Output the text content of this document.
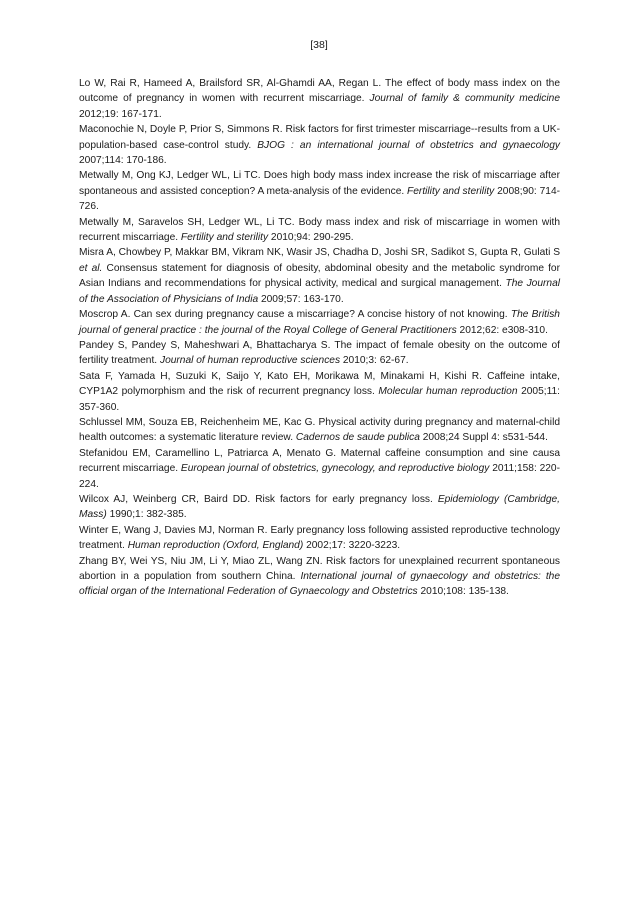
[38]

Lo W, Rai R, Hameed A, Brailsford SR, Al-Ghamdi AA, Regan L. The effect of body mass index on the outcome of pregnancy in women with recurrent miscarriage. Journal of family & community medicine 2012;19: 167-171.

Maconochie N, Doyle P, Prior S, Simmons R. Risk factors for first trimester miscarriage--results from a UK-population-based case-control study. BJOG : an international journal of obstetrics and gynaecology 2007;114: 170-186.

Metwally M, Ong KJ, Ledger WL, Li TC. Does high body mass index increase the risk of miscarriage after spontaneous and assisted conception? A meta-analysis of the evidence. Fertility and sterility 2008;90: 714-726.

Metwally M, Saravelos SH, Ledger WL, Li TC. Body mass index and risk of miscarriage in women with recurrent miscarriage. Fertility and sterility 2010;94: 290-295.

Misra A, Chowbey P, Makkar BM, Vikram NK, Wasir JS, Chadha D, Joshi SR, Sadikot S, Gupta R, Gulati S et al. Consensus statement for diagnosis of obesity, abdominal obesity and the metabolic syndrome for Asian Indians and recommendations for physical activity, medical and surgical management. The Journal of the Association of Physicians of India 2009;57: 163-170.

Moscrop A. Can sex during pregnancy cause a miscarriage? A concise history of not knowing. The British journal of general practice : the journal of the Royal College of General Practitioners 2012;62: e308-310.

Pandey S, Pandey S, Maheshwari A, Bhattacharya S. The impact of female obesity on the outcome of fertility treatment. Journal of human reproductive sciences 2010;3: 62-67.

Sata F, Yamada H, Suzuki K, Saijo Y, Kato EH, Morikawa M, Minakami H, Kishi R. Caffeine intake, CYP1A2 polymorphism and the risk of recurrent pregnancy loss. Molecular human reproduction 2005;11: 357-360.

Schlussel MM, Souza EB, Reichenheim ME, Kac G. Physical activity during pregnancy and maternal-child health outcomes: a systematic literature review. Cadernos de saude publica 2008;24 Suppl 4: s531-544.

Stefanidou EM, Caramellino L, Patriarca A, Menato G. Maternal caffeine consumption and sine causa recurrent miscarriage. European journal of obstetrics, gynecology, and reproductive biology 2011;158: 220-224.

Wilcox AJ, Weinberg CR, Baird DD. Risk factors for early pregnancy loss. Epidemiology (Cambridge, Mass) 1990;1: 382-385.

Winter E, Wang J, Davies MJ, Norman R. Early pregnancy loss following assisted reproductive technology treatment. Human reproduction (Oxford, England) 2002;17: 3220-3223.

Zhang BY, Wei YS, Niu JM, Li Y, Miao ZL, Wang ZN. Risk factors for unexplained recurrent spontaneous abortion in a population from southern China. International journal of gynaecology and obstetrics: the official organ of the International Federation of Gynaecology and Obstetrics 2010;108: 135-138.
